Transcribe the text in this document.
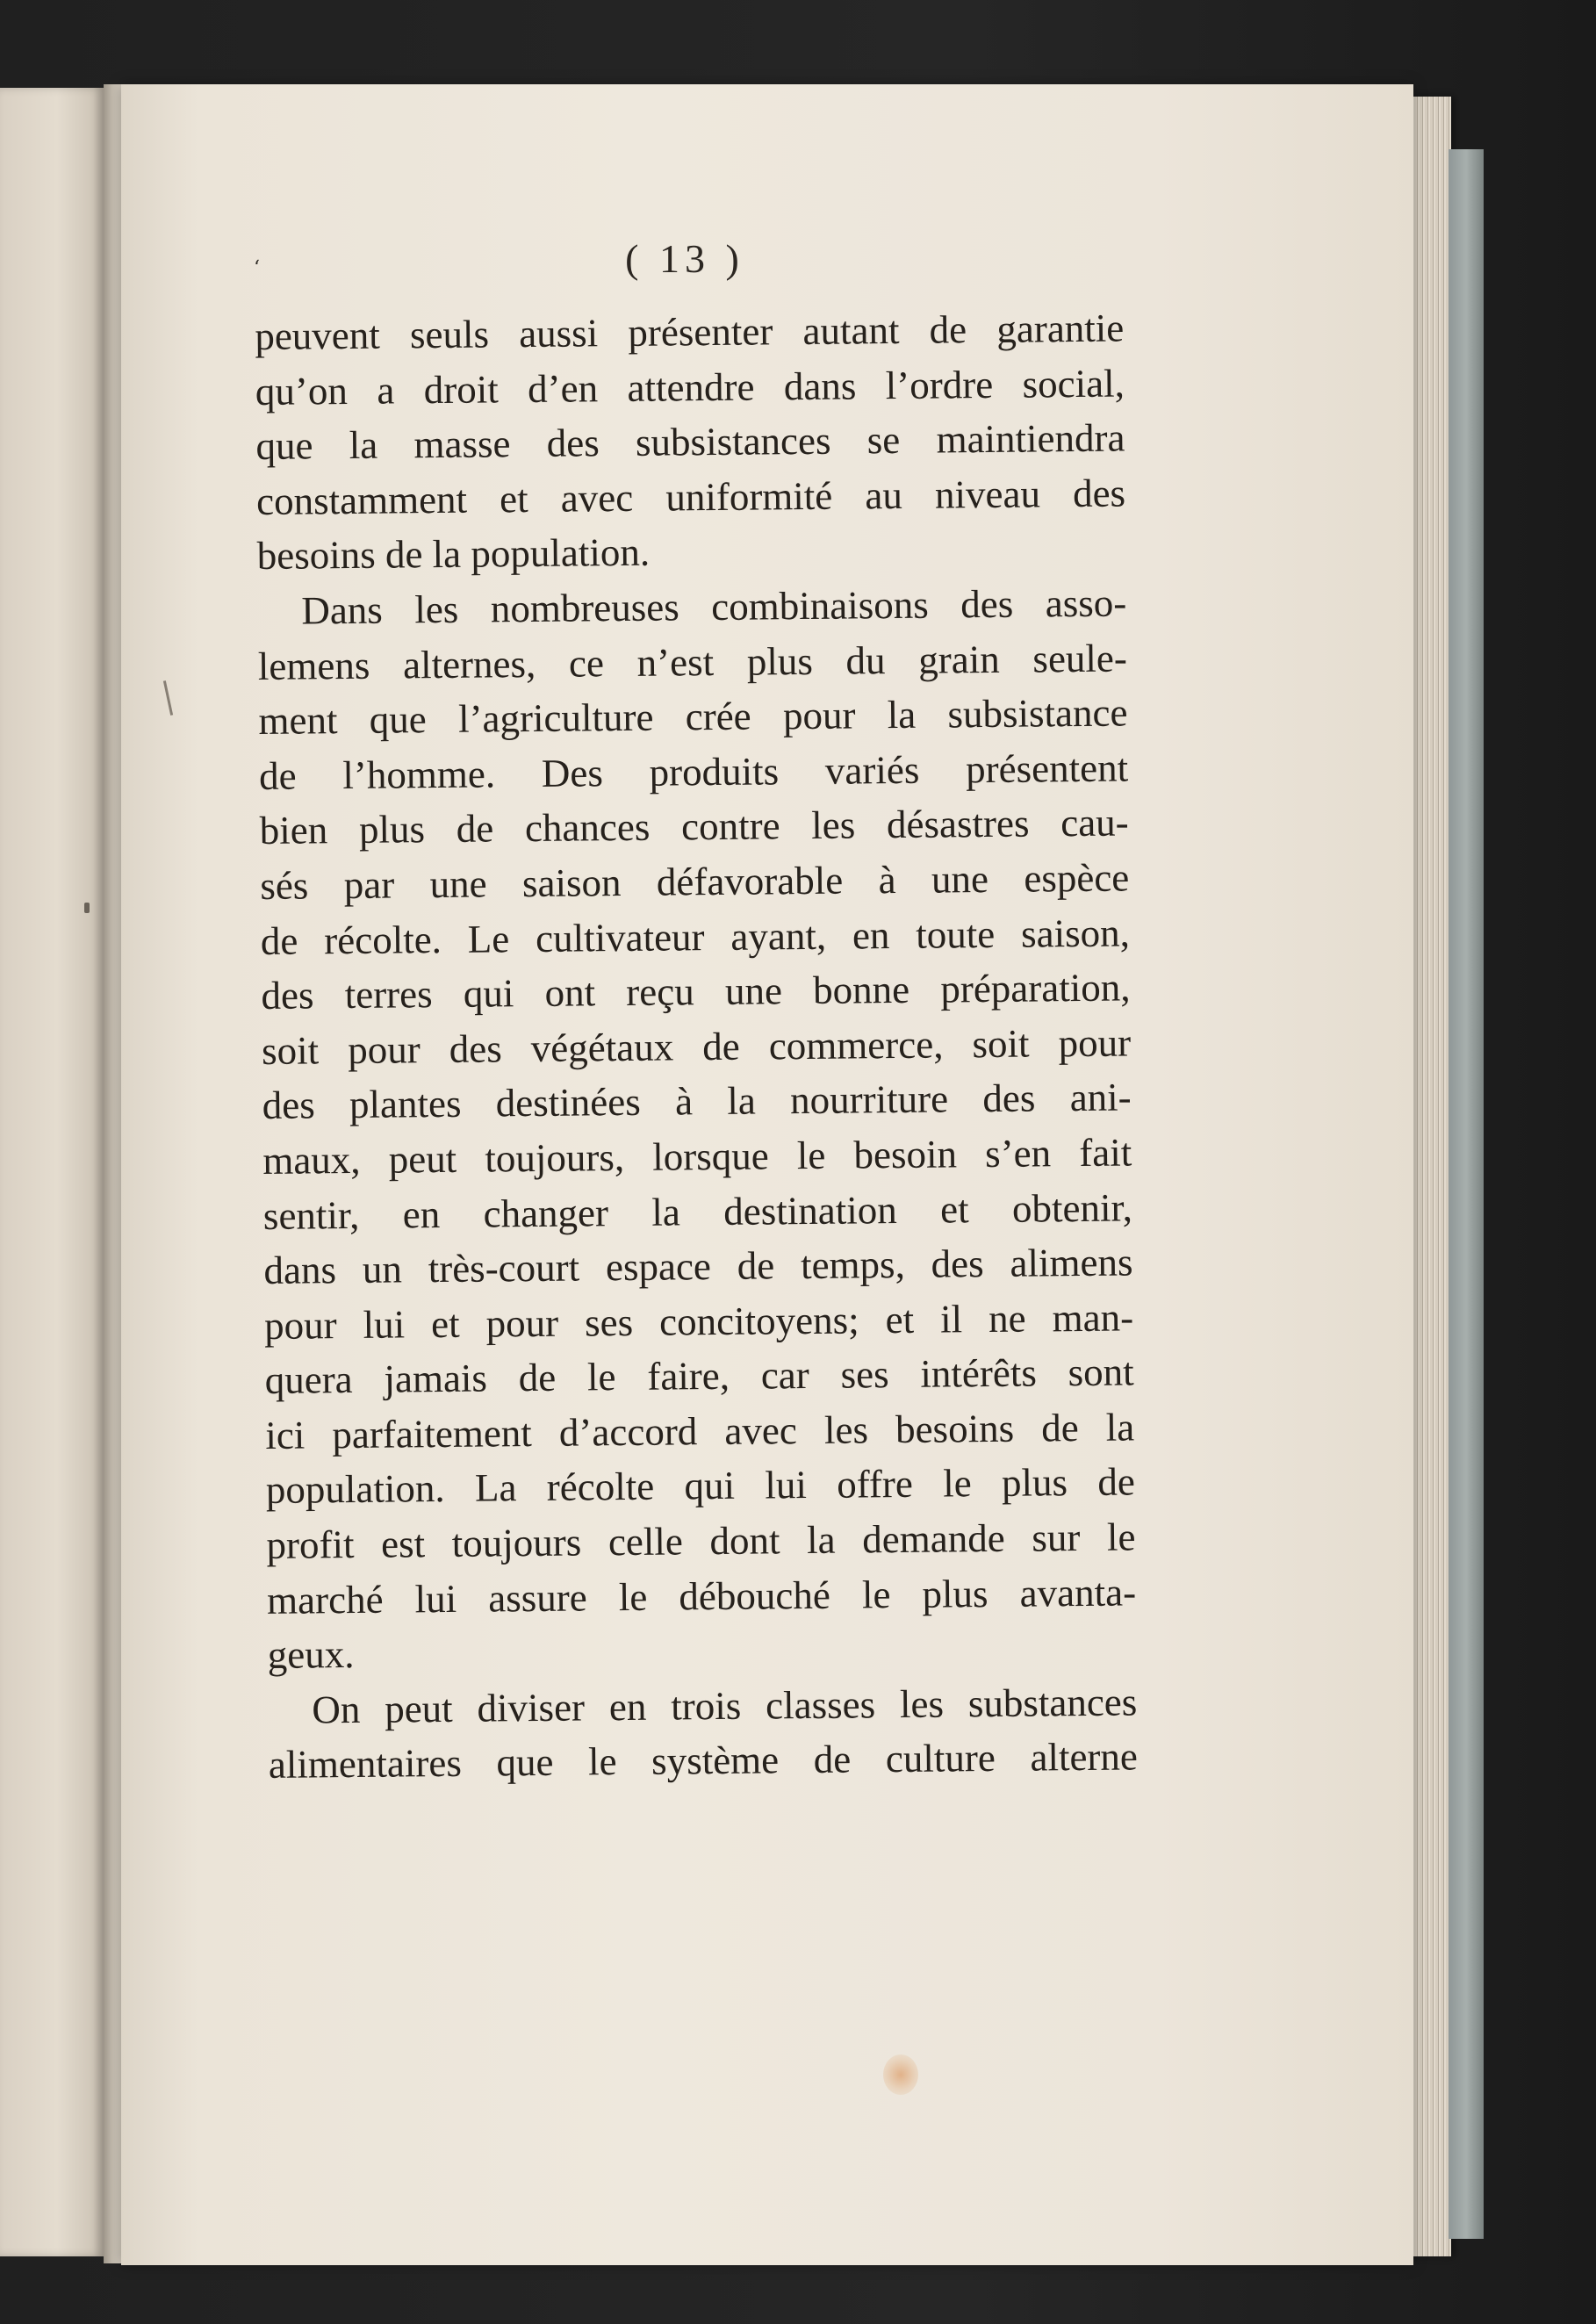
‘	( 13 )
peuvent seuls aussi présenter autant de garantie
qu’on a droit d’en attendre dans l’ordre social,
que la masse des subsistances se maintiendra
constamment et avec uniformité au niveau des
besoins de la population.
Dans les nombreuses combinaisons des asso-
lemens alternes, ce n’est plus du grain seule-
ment que l’agriculture crée pour la subsistance
de l’homme. Des produits variés présentent
bien plus de chances contre les désastres cau-
sés par une saison défavorable à une espèce
de récolte. Le cultivateur ayant, en toute saison,
des terres qui ont reçu une bonne préparation,
soit pour des végétaux de commerce, soit pour
des plantes destinées à la nourriture des ani-
maux, peut toujours, lorsque le besoin s’en fait
sentir, en changer la destination et obtenir,
dans un très-court espace de temps, des alimens
pour lui et pour ses concitoyens; et il ne man-
quera jamais de le faire, car ses intérêts sont
ici parfaitement d’accord avec les besoins de la
population. La récolte qui lui offre le plus de
profit est toujours celle dont la demande sur le
marché lui assure le débouché le plus avanta-
geux.
On peut diviser en trois classes les substances
alimentaires que le système de culture alterne
